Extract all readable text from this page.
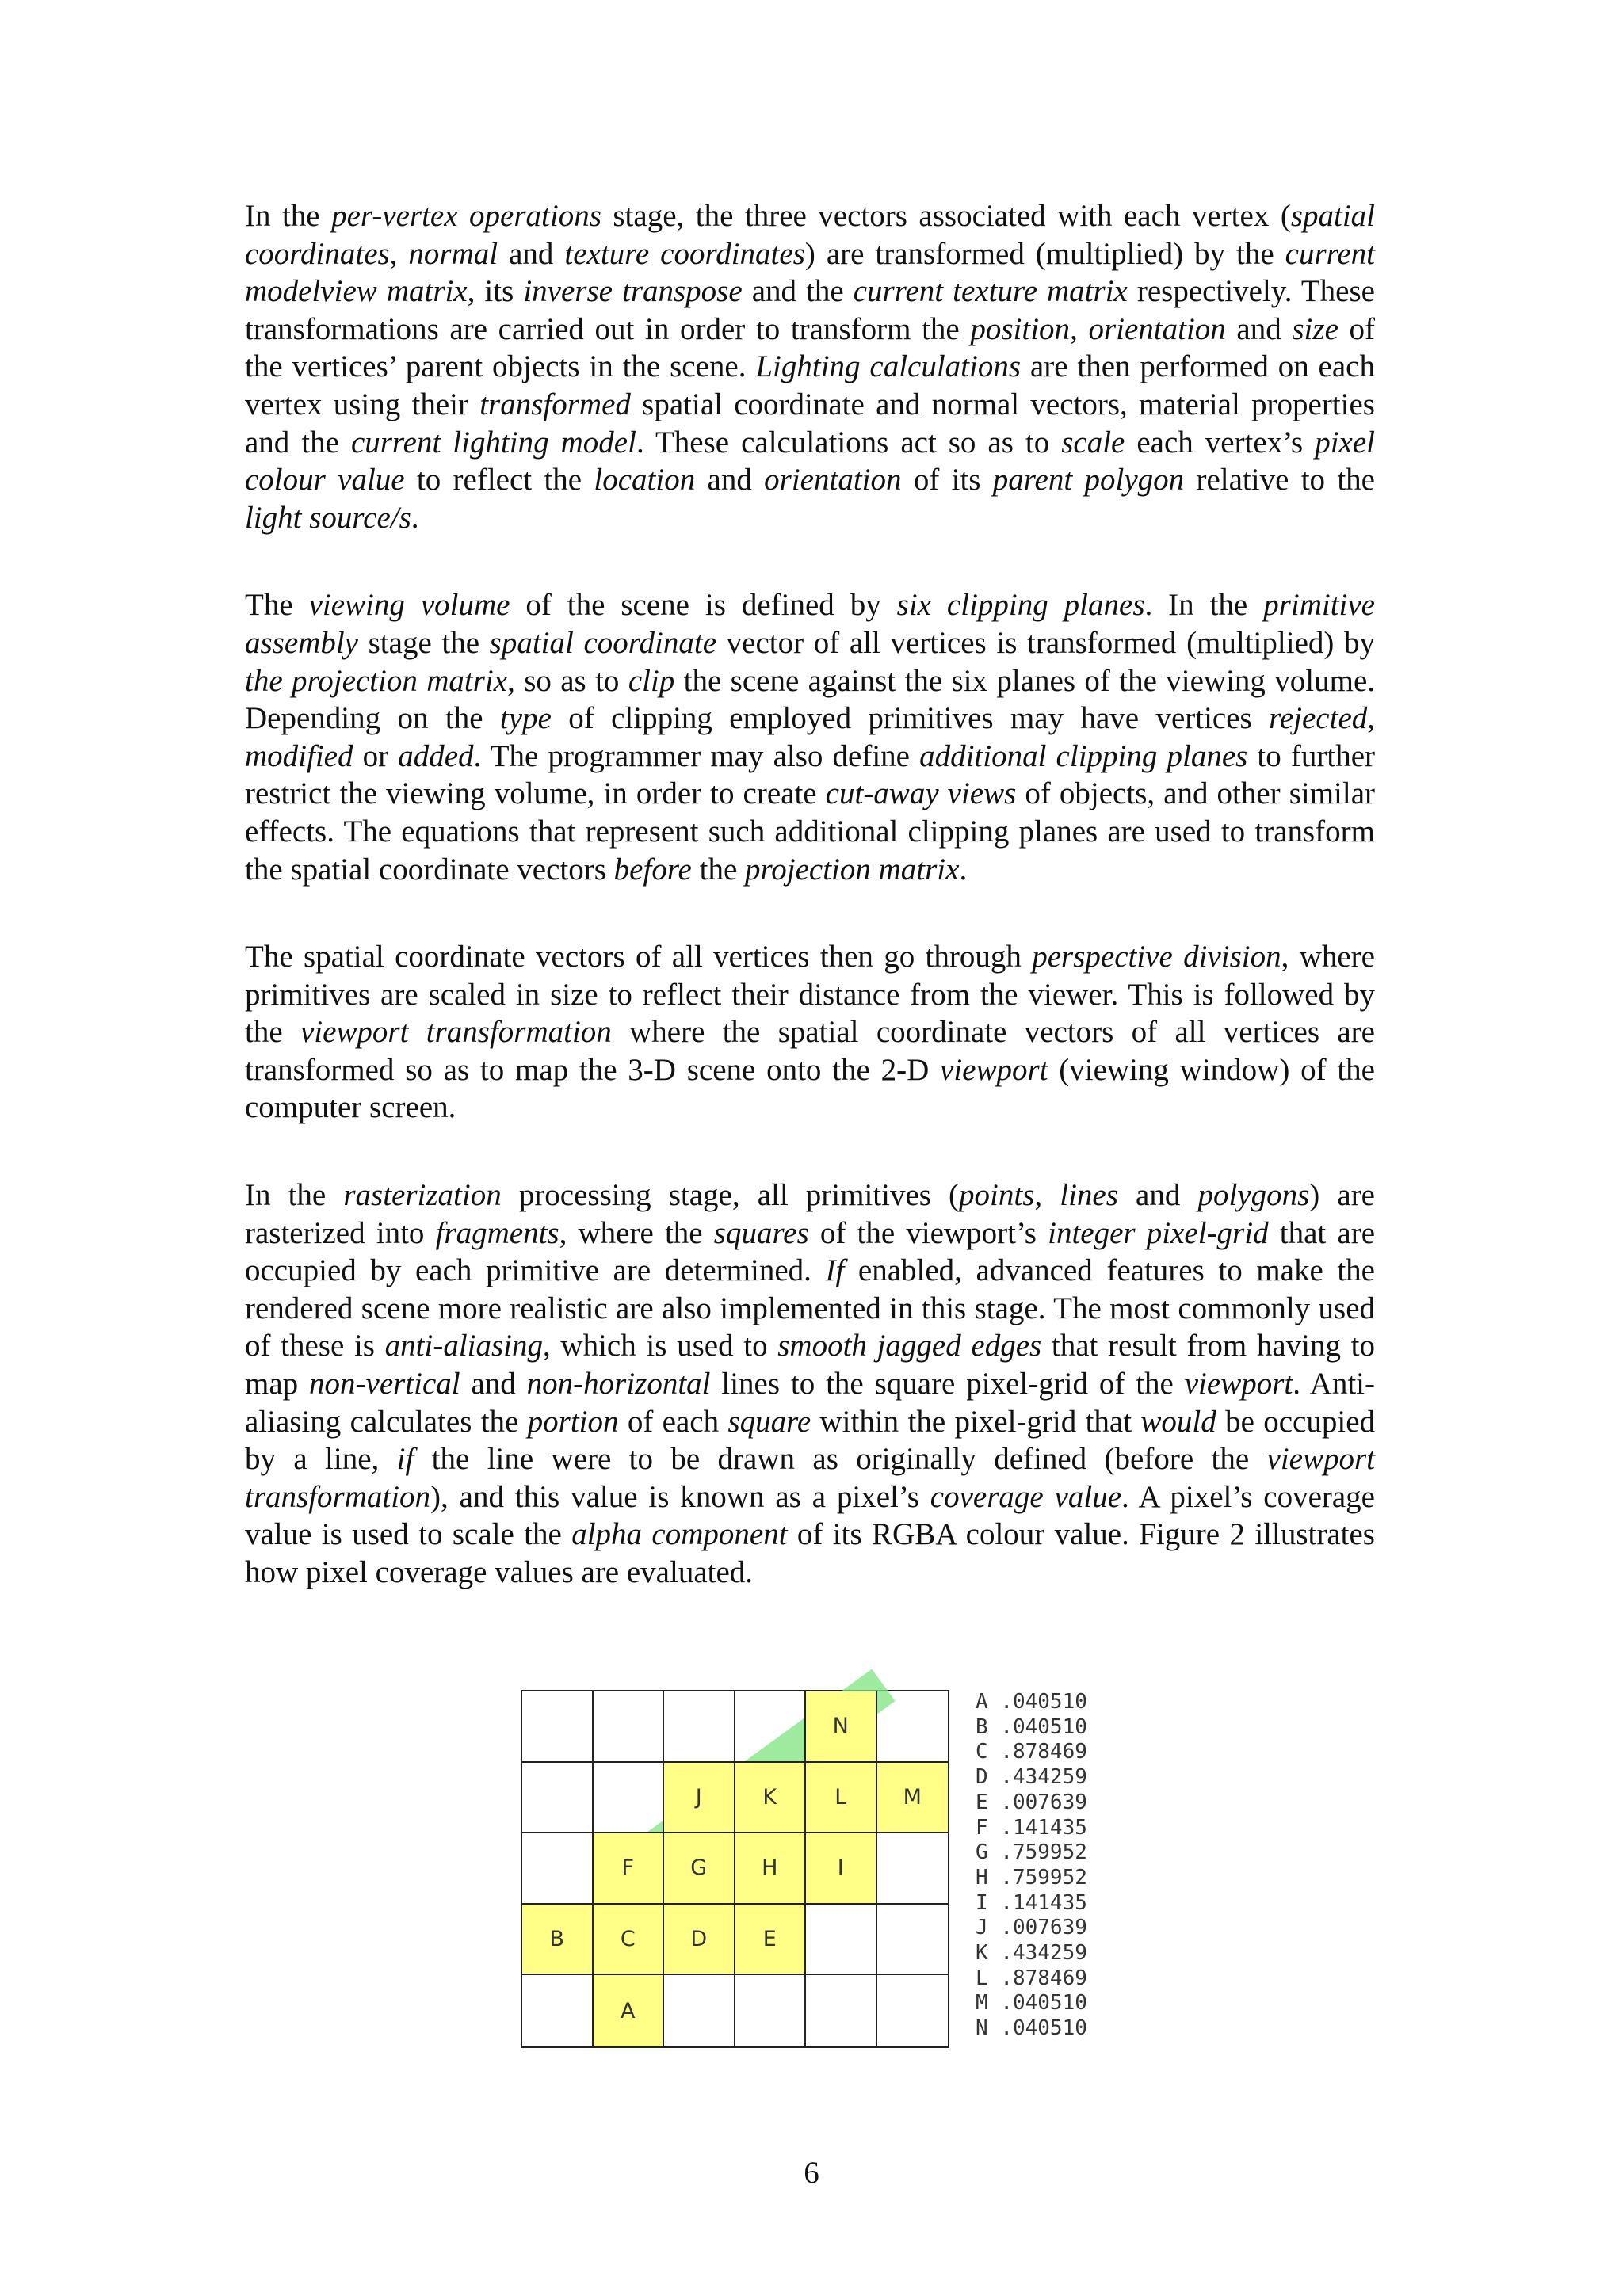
In the per-vertex operations stage, the three vectors associated with each vertex (spatial coordinates, normal and texture coordinates) are transformed (multiplied) by the current modelview matrix, its inverse transpose and the current texture matrix respectively. These transformations are carried out in order to transform the position, orientation and size of the vertices’ parent objects in the scene. Lighting calculations are then performed on each vertex using their transformed spatial coordinate and normal vectors, material properties and the current lighting model. These calculations act so as to scale each vertex’s pixel colour value to reflect the location and orientation of its parent polygon relative to the light source/s.

The viewing volume of the scene is defined by six clipping planes. In the primitive assembly stage the spatial coordinate vector of all vertices is transformed (multiplied) by the projection matrix, so as to clip the scene against the six planes of the viewing volume. Depending on the type of clipping employed primitives may have vertices rejected, modified or added. The programmer may also define additional clipping planes to further restrict the viewing volume, in order to create cut-away views of objects, and other similar effects. The equations that represent such additional clipping planes are used to transform the spatial coordinate vectors before the projection matrix.

The spatial coordinate vectors of all vertices then go through perspective division, where primitives are scaled in size to reflect their distance from the viewer. This is followed by the viewport transformation where the spatial coordinate vectors of all vertices are transformed so as to map the 3-D scene onto the 2-D viewport (viewing window) of the computer screen.

In the rasterization processing stage, all primitives (points, lines and polygons) are rasterized into fragments, where the squares of the viewport’s integer pixel-grid that are occupied by each primitive are determined. If enabled, advanced features to make the rendered scene more realistic are also implemented in this stage. The most commonly used of these is anti-aliasing, which is used to smooth jagged edges that result from having to map non-vertical and non-horizontal lines to the square pixel-grid of the viewport. Anti-aliasing calculates the portion of each square within the pixel-grid that would be occupied by a line, if the line were to be drawn as originally defined (before the viewport transformation), and this value is known as a pixel’s coverage value. A pixel’s coverage value is used to scale the alpha component of its RGBA colour value. Figure 2 illustrates how pixel coverage values are evaluated.

N
J	K	L	M
F	G	H	I
B	C	D	E
A
A .040510
B .040510
C .878469
D .434259
E .007639
F .141435
G .759952
H .759952
I .141435
J .007639
K .434259
L .878469
M .040510
N .040510
6
